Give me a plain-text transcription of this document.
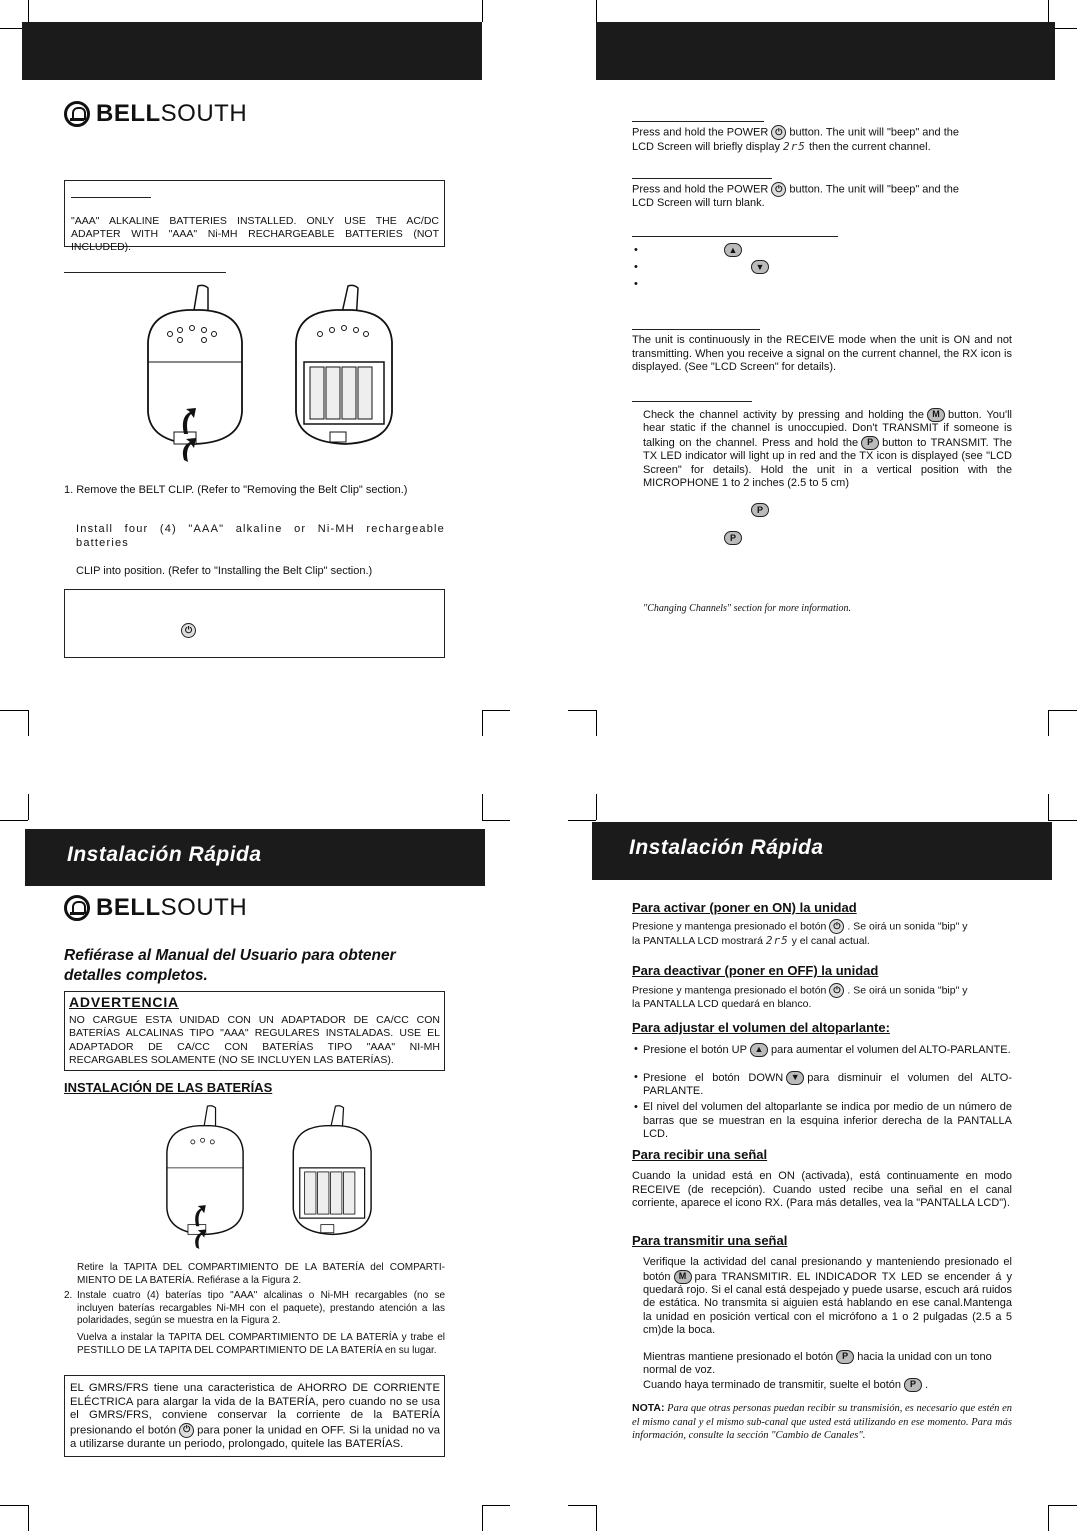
BELLSOUTH
"AAA" ALKALINE BATTERIES INSTALLED. ONLY USE THE AC/DC ADAPTER WITH "AAA" Ni-MH RECHARGEABLE BATTERIES (NOT INCLUDED).
1. Remove the BELT CLIP. (Refer to "Removing the Belt Clip" section.)
Install four (4) "AAA" alkaline or Ni-MH rechargeable batteries
CLIP into position. (Refer to "Installing the Belt Clip" section.)
⏻
Press and hold the POWER ⏻ button. The unit will "beep" and the
LCD Screen will briefly display 2r5 then the current channel.
Press and hold the POWER ⏻ button. The unit will "beep" and the
LCD Screen will turn blank.
•	▲
•	▼
•
The unit is continuously in the RECEIVE mode when the unit is ON and not transmitting. When you receive a signal on the current channel, the RX icon is displayed. (See "LCD Screen" for details).
Check the channel activity by pressing and holding the M button. You'll hear static if the channel is unoccupied. Don't TRANSMIT if someone is talking on the channel. Press and hold the P button to TRANSMIT. The TX LED indicator will light up in red and the TX icon is displayed (see "LCD Screen" for details). Hold the unit in a vertical position with the MICROPHONE 1 to 2 inches (2.5 to 5 cm)
P
P
"Changing Channels" section for more information.
Instalación Rápida
BELLSOUTH
Refiérase al Manual del Usuario para obtener detalles completos.
ADVERTENCIA
NO CARGUE ESTA UNIDAD CON UN ADAPTADOR DE CA/CC CON BATERÍAS ALCALINAS TIPO "AAA" REGULARES INSTALADAS. USE EL ADAPTADOR DE CA/CC CON BATERÍAS TIPO "AAA" NI-MH RECARGABLES SOLAMENTE (NO SE INCLUYEN LAS BATERÍAS).
INSTALACIÓN DE LAS BATERÍAS
Retire la TAPITA DEL COMPARTIMIENTO DE LA BATERÍA del COMPARTI-MIENTO DE LA BATERÍA. Refiérase a la Figura 2.
2. Instale cuatro (4) baterías tipo "AAA" alcalinas o Ni-MH recargables (no se incluyen baterías recargables Ni-MH con el paquete), prestando atención a las polaridades, según se muestra en la Figura 2.
Vuelva a instalar la TAPITA DEL COMPARTIMIENTO DE LA BATERÍA y trabe el PESTILLO DE LA TAPITA DEL COMPARTIMIENTO DE LA BATERÍA en su lugar.
EL GMRS/FRS tiene una caracteristica de AHORRO DE CORRIENTE ELÉCTRICA para alargar la vida de la BATERÍA, pero cuando no se usa el GMRS/FRS, conviene conservar la corriente de la BATERÍA presionando el botón ⏻ para poner la unidad en OFF. Si la unidad no va a utilizarse durante un periodo, prolongado, quitele las BATERÍAS.
Instalación Rápida
Para activar (poner en ON) la unidad
Presione y mantenga presionado el botón ⏻ . Se oirá un sonida "bip" y
la PANTALLA LCD mostrará 2r5 y el canal actual.
Para deactivar (poner en OFF) la unidad
Presione y mantenga presionado el botón ⏻ . Se oirá un sonida "bip" y
la PANTALLA LCD quedará en blanco.
Para adjustar el volumen del altoparlante:
• Presione el botón UP ▲ para aumentar el volumen del ALTO-PARLANTE.
• Presione el botón DOWN ▼ para disminuir el volumen del ALTO-PARLANTE.
• El nivel del volumen del altoparlante se indica por medio de un número de barras que se muestran en la esquina inferior derecha de la PANTALLA LCD.
Para recibir una señal
Cuando la unidad está en ON (activada), está continuamente en modo RECEIVE (de recepción). Cuando usted recibe una señal en el canal corriente, aparece el icono RX. (Para más detalles, vea la "PANTALLA LCD").
Para transmitir una señal
Verifique la actividad del canal presionando y manteniendo presionado el botón M para TRANSMITIR. EL INDICADOR TX LED se encender á y quedará rojo. Si el canal está despejado y puede usarse, escuch ará ruidos de estática. No transmita si aiguien está hablando en ese canal.Mantenga la unidad en posición vertical con el micrófono a 1 o 2 pulgadas (2.5 a 5 cm)de la boca.
Mientras mantiene presionado el botón P hacia la unidad con un tono normal de voz.
Cuando haya terminado de transmitir, suelte el botón P .
NOTA: Para que otras personas puedan recibir su transmisión, es necesario que estén en el mismo canal y el mismo sub-canal que usted está utilizando en ese momento. Para más información, consulte la sección "Cambio de Canales".
